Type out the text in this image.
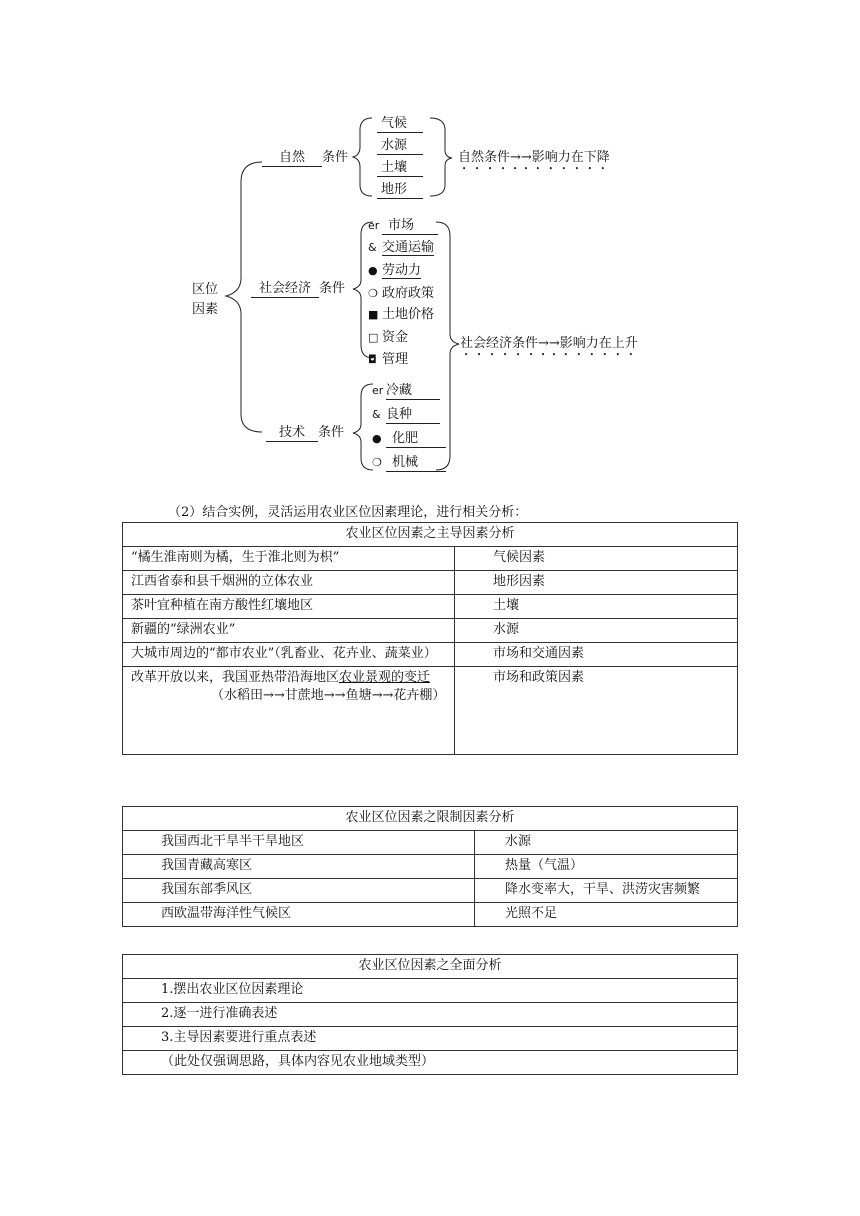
区位
因素
自然 条件
气候
水源
土壤
地形
自然条件→→影响力在下降
社会经济 条件
er 市场
& 交通运输
● 劳动力
❍ 政府政策
■ 土地价格
□ 资金
◘ 管理
社会经济条件→→影响力在上升
技术 条件
er 冷藏
& 良种
● 化肥
❍ 机械
（2）结合实例，灵活运用农业区位因素理论，进行相关分析：
农业区位因素之主导因素分析	
“橘生淮南则为橘，生于淮北则为枳”	气候因素
江西省泰和县千烟洲的立体农业	地形因素
茶叶宜种植在南方酸性红壤地区	土壤
新疆的“绿洲农业”	水源
大城市周边的“都市农业”（乳畜业、花卉业、蔬菜业）	市场和交通因素
改革开放以来，我国亚热带沿海地区农业景观的变迁
（水稻田→→甘蔗地→→鱼塘→→花卉棚）	市场和政策因素
农业区位因素之限制因素分析	
我国西北干旱半干旱地区	水源
我国青藏高寒区	热量（气温）
我国东部季风区	降水变率大，干旱、洪涝灾害频繁
西欧温带海洋性气候区	光照不足
农业区位因素之全面分析
1.摆出农业区位因素理论
2.逐一进行准确表述
3.主导因素要进行重点表述
（此处仅强调思路，具体内容见农业地域类型）
